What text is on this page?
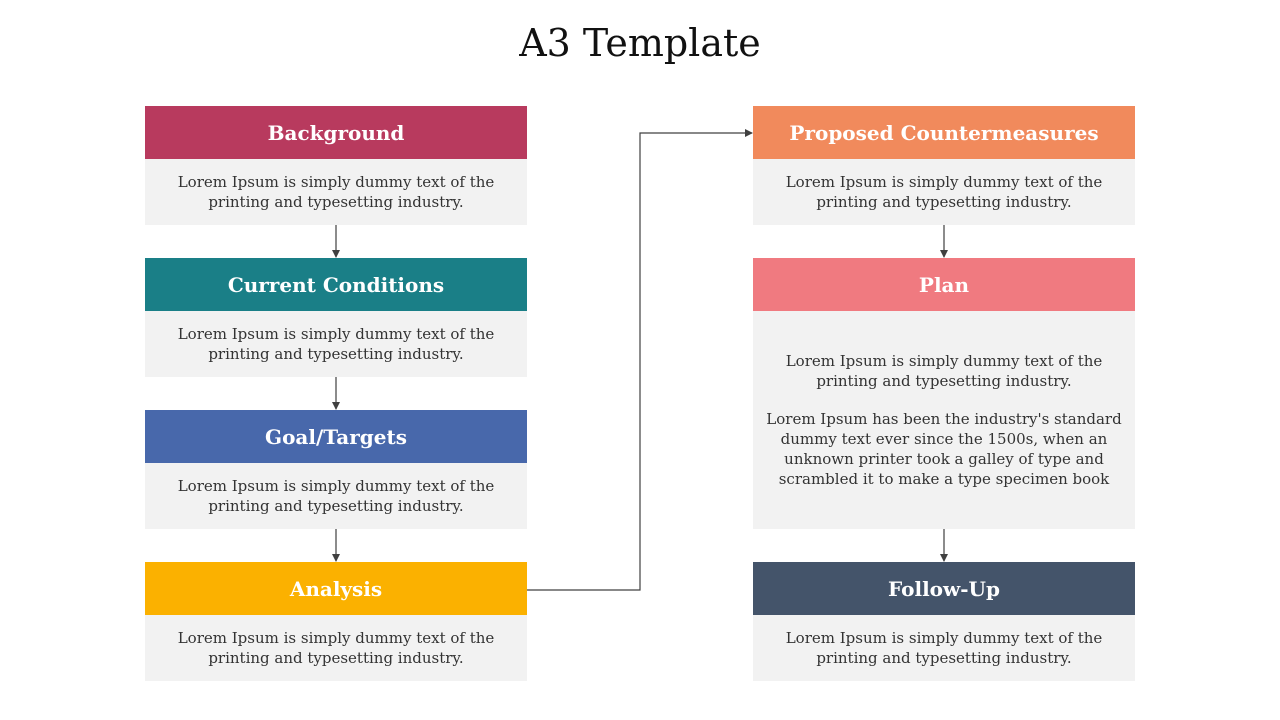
A3 Template
Background

Lorem Ipsum is simply dummy text of the printing and typesetting industry.

Current Conditions

Lorem Ipsum is simply dummy text of the printing and typesetting industry.

Goal/Targets

Lorem Ipsum is simply dummy text of the printing and typesetting industry.

Analysis

Lorem Ipsum is simply dummy text of the printing and typesetting industry.

Proposed Countermeasures

Lorem Ipsum is simply dummy text of the printing and typesetting industry.

Plan

Lorem Ipsum is simply dummy text of the printing and typesetting industry.

Lorem Ipsum has been the industry's standard dummy text ever since the 1500s, when an unknown printer took a galley of type and scrambled it to make a type specimen book

Follow-Up

Lorem Ipsum is simply dummy text of the printing and typesetting industry.
